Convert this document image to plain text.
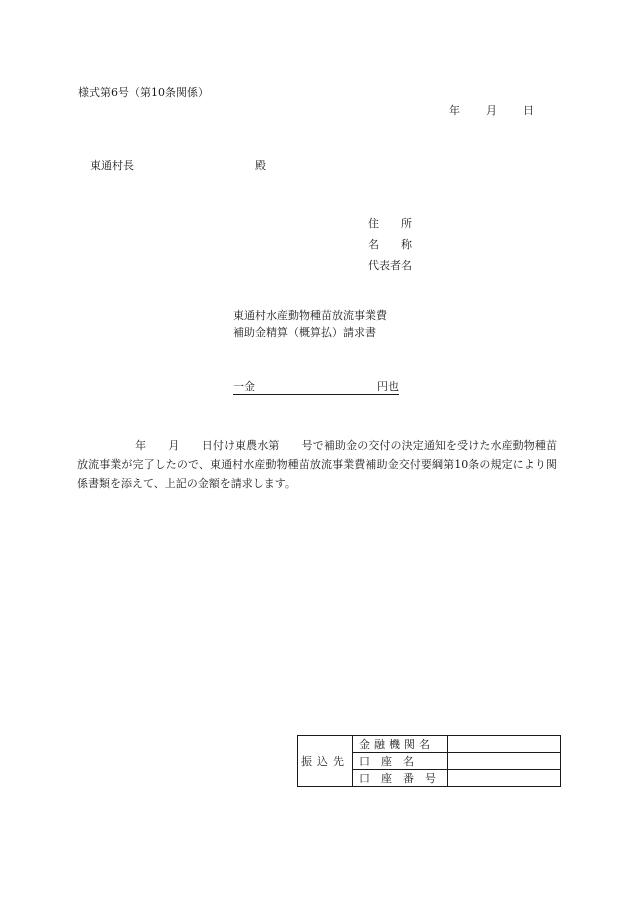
様式第6号（第10条関係）
年 月 日
東通村長	殿
住　　所
名　　称
代表者名
東通村水産動物種苗放流事業費
補助金精算（概算払）請求書
一金	円也
年　　月　　日付け東農水第　　号で補助金の交付の決定通知を受けた水産動物種苗放流事業が完了したので、東通村水産動物種苗放流事業費補助金交付要綱第10条の規定により関係書類を添えて、上記の金額を請求します。
振込先	金融機関名	
	口　座　名	
	口座番号	
